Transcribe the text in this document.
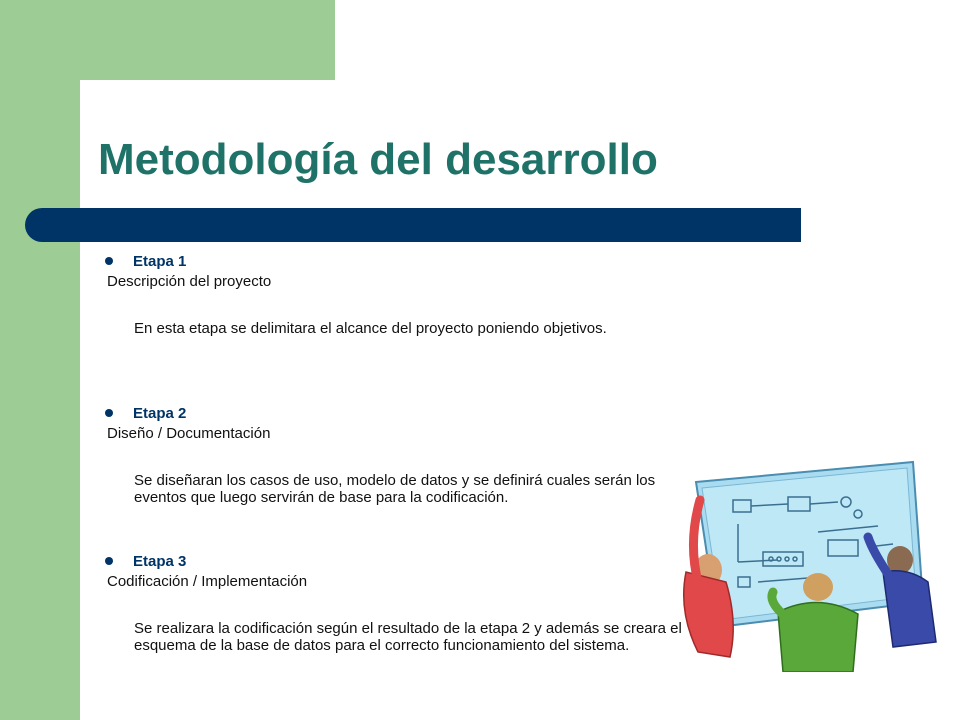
Metodología del desarrollo
Etapa 1
Descripción del proyecto

En esta etapa se delimitara el alcance del proyecto poniendo objetivos.

Etapa 2
Diseño / Documentación

Se diseñaran los casos de uso, modelo de datos y se definirá cuales serán los eventos que luego servirán de base para la codificación.

Etapa 3
Codificación / Implementación

Se realizara la codificación según el resultado de la etapa 2 y además se creara el esquema de la base de datos para el correcto funcionamiento del sistema.
